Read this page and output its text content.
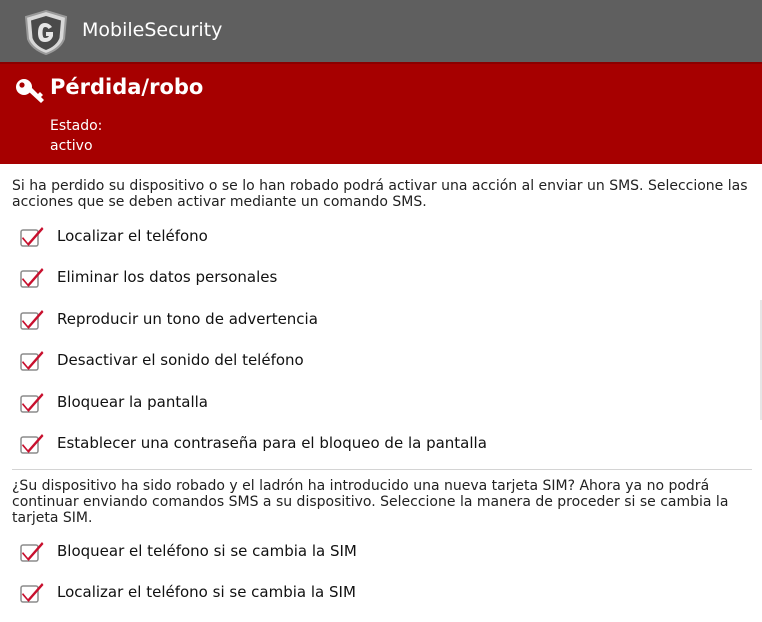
MobileSecurity
Pérdida/robo
Estado:
activo
Si ha perdido su dispositivo o se lo han robado podrá activar una acción al enviar un SMS. Seleccione las acciones que se deben activar mediante un comando SMS.
Localizar el teléfono
Eliminar los datos personales
Reproducir un tono de advertencia
Desactivar el sonido del teléfono
Bloquear la pantalla
Establecer una contraseña para el bloqueo de la pantalla
¿Su dispositivo ha sido robado y el ladrón ha introducido una nueva tarjeta SIM? Ahora ya no podrá continuar enviando comandos SMS a su dispositivo. Seleccione la manera de proceder si se cambia la tarjeta SIM.
Bloquear el teléfono si se cambia la SIM
Localizar el teléfono si se cambia la SIM
